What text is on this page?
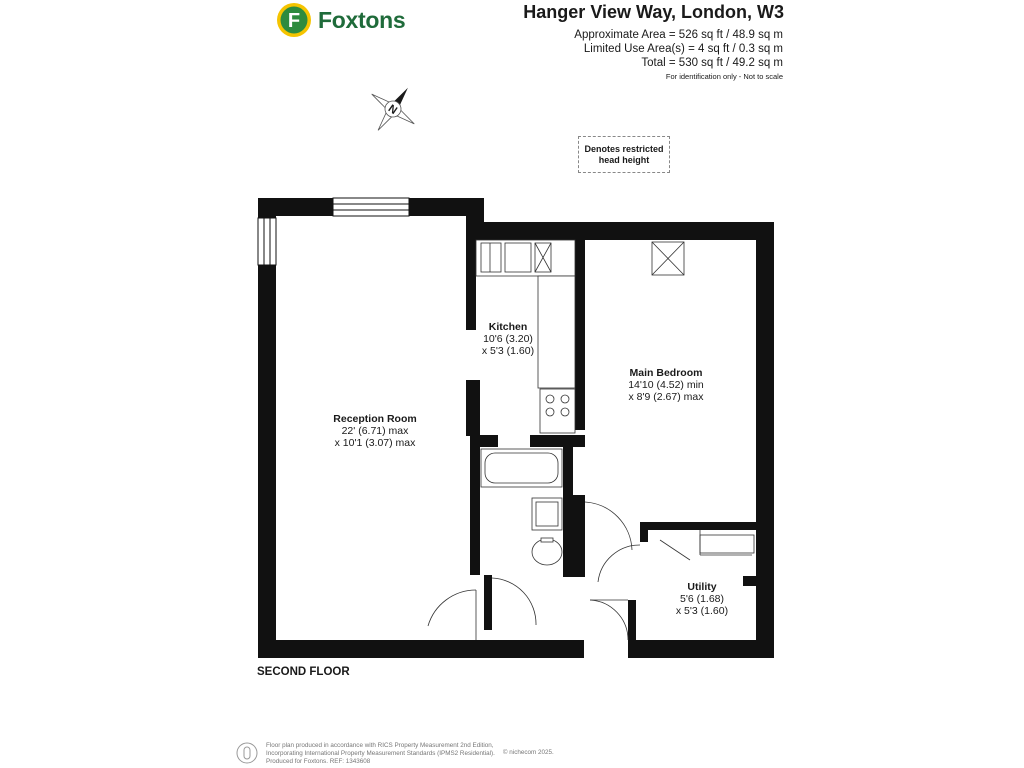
F Foxtons	Hanger View Way, London, W3
Approximate Area = 526 sq ft / 48.9 sq m
Limited Use Area(s) = 4 sq ft / 0.3 sq m
Total = 530 sq ft / 49.2 sq m
For identification only - Not to scale
N
Denotes restricted
head height
Reception Room
22' (6.71) max
x 10'1 (3.07) max
Kitchen
10'6 (3.20)
x 5'3 (1.60)
Main Bedroom
14'10 (4.52) min
x 8'9 (2.67) max
Utility
5'6 (1.68)
x 5'3 (1.60)
SECOND FLOOR
Floor plan produced in accordance with RICS Property Measurement 2nd Edition,
Incorporating International Property Measurement Standards (IPMS2 Residential).
Produced for Foxtons. REF: 1343608
© nichecom 2025.
